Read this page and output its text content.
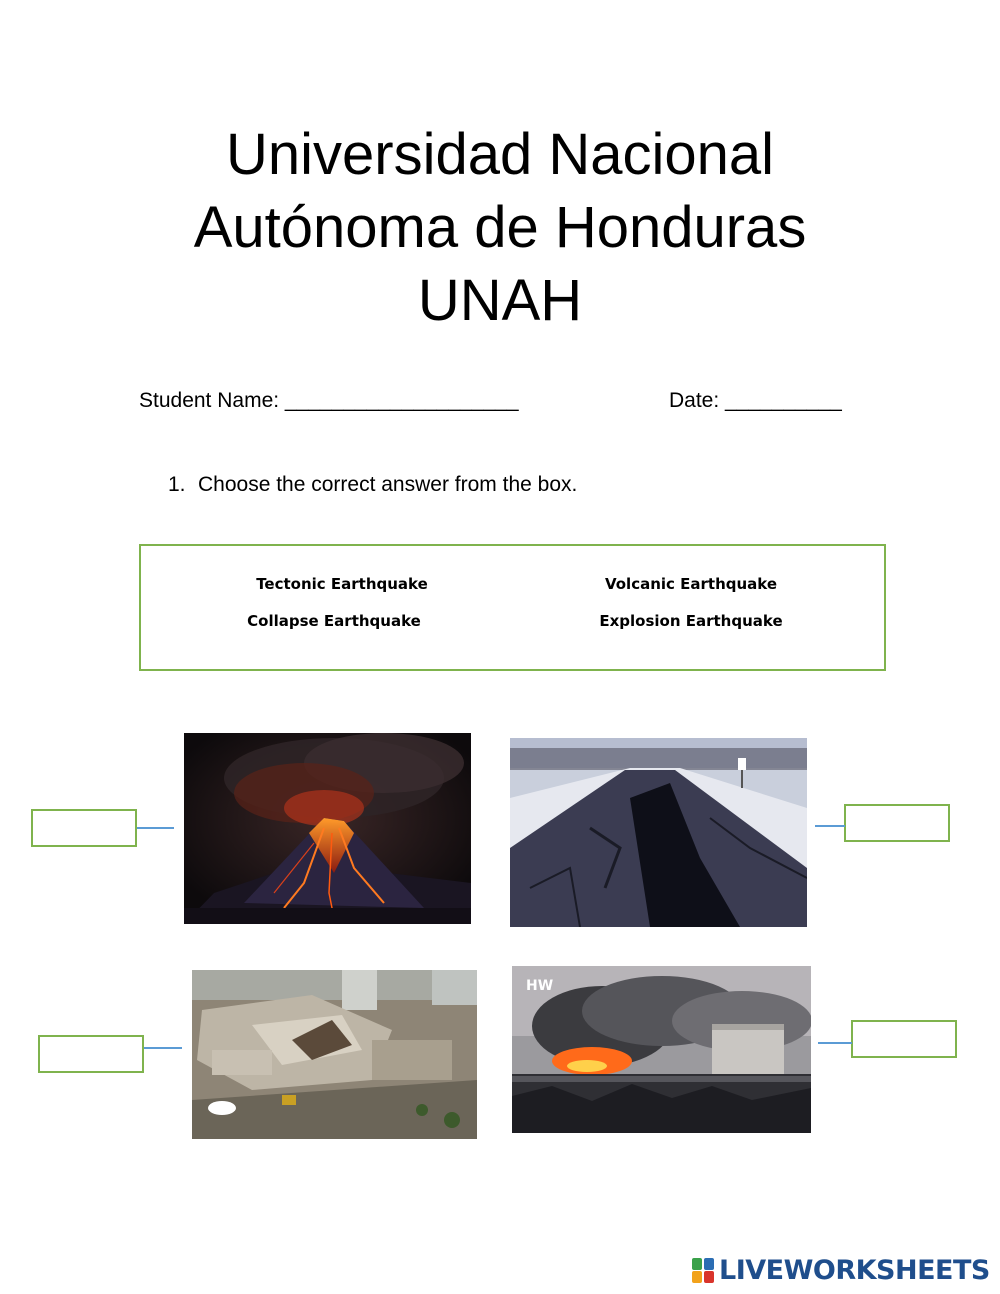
Universidad Nacional
Autónoma de Honduras
UNAH
Student Name: ____________________	Date: __________
1. Choose the correct answer from the box.
Tectonic Earthquake	Volcanic Earthquake
Collapse Earthquake	Explosion Earthquake
HW
LIVEWORKSHEETS
